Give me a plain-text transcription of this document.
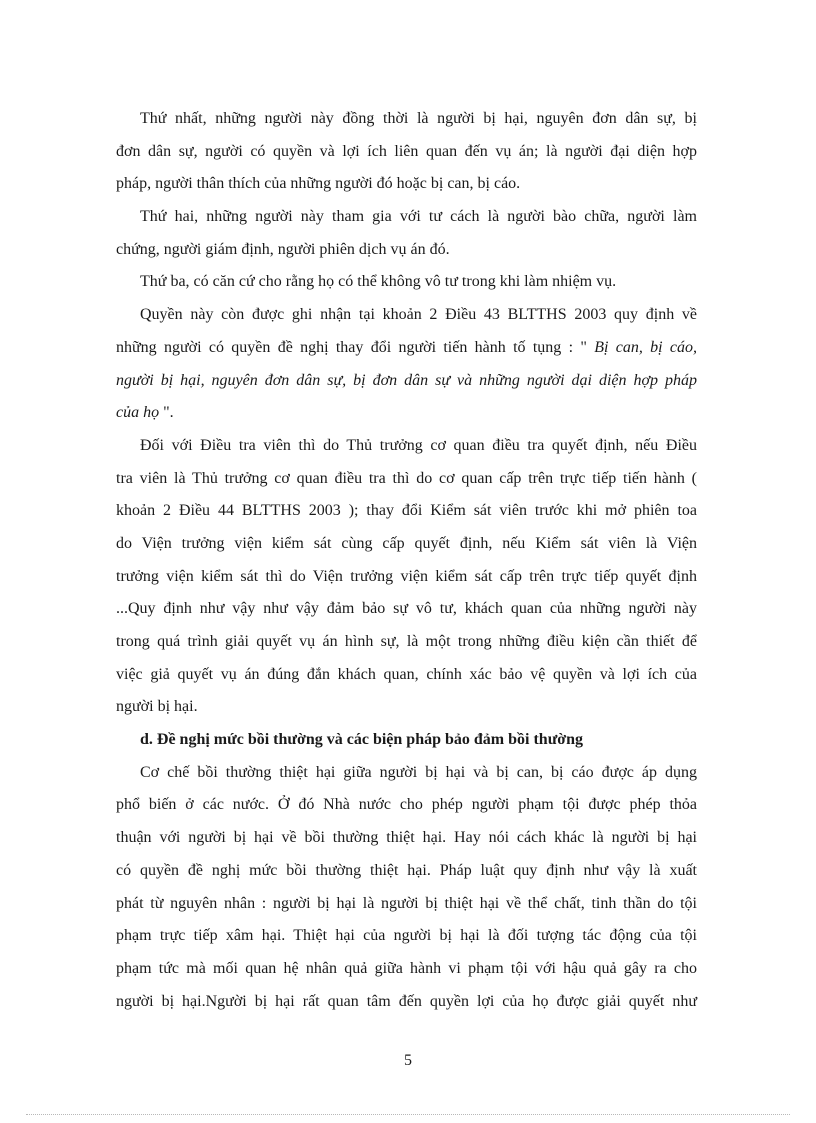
Thứ nhất, những người này đồng thời là người bị hại, nguyên đơn dân sự, bị
đơn dân sự, người có quyền và lợi ích liên quan đến vụ án; là người đại diện hợp
pháp, người thân thích của những người đó hoặc bị can, bị cáo.
Thứ hai, những người này tham gia với tư cách là người bào chữa, người làm
chứng, người giám định, người phiên dịch vụ án đó.
Thứ ba, có căn cứ cho rằng họ có thể không vô tư trong khi làm nhiệm vụ.
Quyền này còn được ghi nhận tại khoản 2 Điều 43 BLTTHS 2003 quy định về
những người có quyền đề nghị thay đổi người tiến hành tố tụng : " Bị can, bị cáo,
người bị hại, nguyên đơn dân sự, bị đơn dân sự và những người dại diện hợp pháp
của họ ".
Đối với Điều tra viên thì do Thủ trưởng cơ quan điều tra quyết định, nếu Điều
tra viên là Thủ trưởng cơ quan điều tra thì do cơ quan cấp trên trực tiếp tiến hành (
khoản 2 Điều 44 BLTTHS 2003 ); thay đổi Kiểm sát viên trước khi mở phiên toa
do Viện trưởng viện kiểm sát cùng cấp quyết định, nếu Kiểm sát viên là Viện
trưởng viện kiểm sát thì do Viện trưởng viện kiểm sát cấp trên trực tiếp quyết định
...Quy định như vậy như vậy đảm bảo sự vô tư, khách quan của những người này
trong quá trình giải quyết vụ án hình sự, là một trong những điều kiện cần thiết để
việc giả quyết vụ án đúng đắn khách quan, chính xác bảo vệ quyền và lợi ích của
người bị hại.
d. Đề nghị mức bồi thường và các biện pháp bảo đảm bồi thường
Cơ chế bồi thường thiệt hại giữa người bị hại và bị can, bị cáo được áp dụng
phổ biến ở các nước. Ở đó Nhà nước cho phép người phạm tội được phép thỏa
thuận với người bị hại về bồi thường thiệt hại. Hay nói cách khác là người bị hại
có quyền đề nghị mức bồi thường thiệt hại. Pháp luật quy định như vậy là xuất
phát từ nguyên nhân : người bị hại là người bị thiệt hại về thể chất, tinh thần do tội
phạm trực tiếp xâm hại. Thiệt hại của người bị hại là đối tượng tác động của tội
phạm tức mà mối quan hệ nhân quả giữa hành vi phạm tội với hậu quả gây ra cho
người bị hại.Người bị hại rất quan tâm đến quyền lợi của họ được giải quyết như
5
